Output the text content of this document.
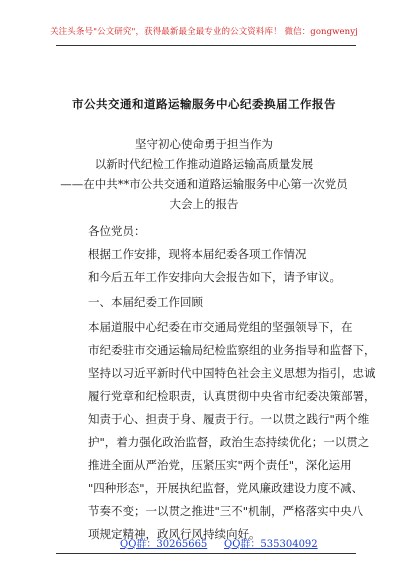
关注头条号"公文研究"，获得最新最全最专业的公文资料库！ 微信：gongwenyj
市公共交通和道路运输服务中心纪委换届工作报告
坚守初心使命勇于担当作为
以新时代纪检工作推动道路运输高质量发展
——在中共**市公共交通和道路运输服务中心第一次党员
大会上的报告
各位党员：
根据工作安排，现将本届纪委各项工作情况
和今后五年工作安排向大会报告如下，请予审议。
一、本届纪委工作回顾
本届道服中心纪委在市交通局党组的坚强领导下，在
市纪委驻市交通运输局纪检监察组的业务指导和监督下，
坚持以习近平新时代中国特色社会主义思想为指引，忠诚
履行党章和纪检职责，认真贯彻中央省市纪委决策部署，
知责于心、担责于身、履责于行。一以贯之践行"两个维
护"，着力强化政治监督，政治生态持续优化；一以贯之
推进全面从严治党，压紧压实"两个责任"，深化运用
"四种形态"，开展执纪监督，党风廉政建设力度不减、
节奏不变；一以贯之推进"三不"机制，严格落实中央八
项规定精神，政风行风持续向好。
QQ群：30265665 QQ群：535304092
